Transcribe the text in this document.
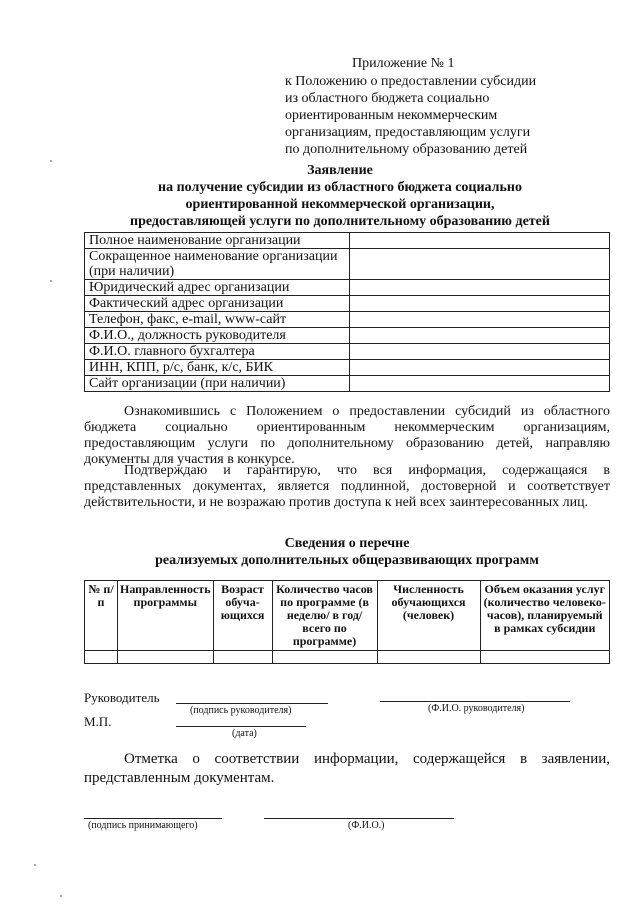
Приложение № 1
к Положению о предоставлении субсидии
из областного бюджета социально
ориентированным некоммерческим
организациям, предоставляющим услуги
по дополнительному образованию детей
Заявление
на получение субсидии из областного бюджета социально
ориентированной некоммерческой организации,
предоставляющей услуги по дополнительному образованию детей
Полное наименование организации	
Сокращенное наименование организации (при наличии)	
Юридический адрес организации	
Фактический адрес организации	
Телефон, факс, e-mail, www-сайт	
Ф.И.О., должность руководителя	
Ф.И.О. главного бухгалтера	
ИНН, КПП, р/с, банк, к/с, БИК	
Сайт организации (при наличии)	
Ознакомившись с Положением о предоставлении субсидий из областного бюджета социально ориентированным некоммерческим организациям, предоставляющим услуги по дополнительному образованию детей, направляю документы для участия в конкурсе.
Подтверждаю и гарантирую, что вся информация, содержащаяся в представленных документах, является подлинной, достоверной и соответствует действительности, и не возражаю против доступа к ней всех заинтересованных лиц.
Сведения о перечне
реализуемых дополнительных общеразвивающих программ
№ п/п	Направленность программы	Возраст обуча-ющихся	Количество часов по программе (в неделю/ в год/ всего по программе)	Численность обучающихся (человек)	Объем оказания услуг (количество человеко-часов), планируемый в рамках субсидии

Руководитель
(подпись руководителя)	(Ф.И.О. руководителя)
М.П.
(дата)
Отметка о соответствии информации, содержащейся в заявлении, представленным документам.
(подпись принимающего)	(Ф.И.О.)
